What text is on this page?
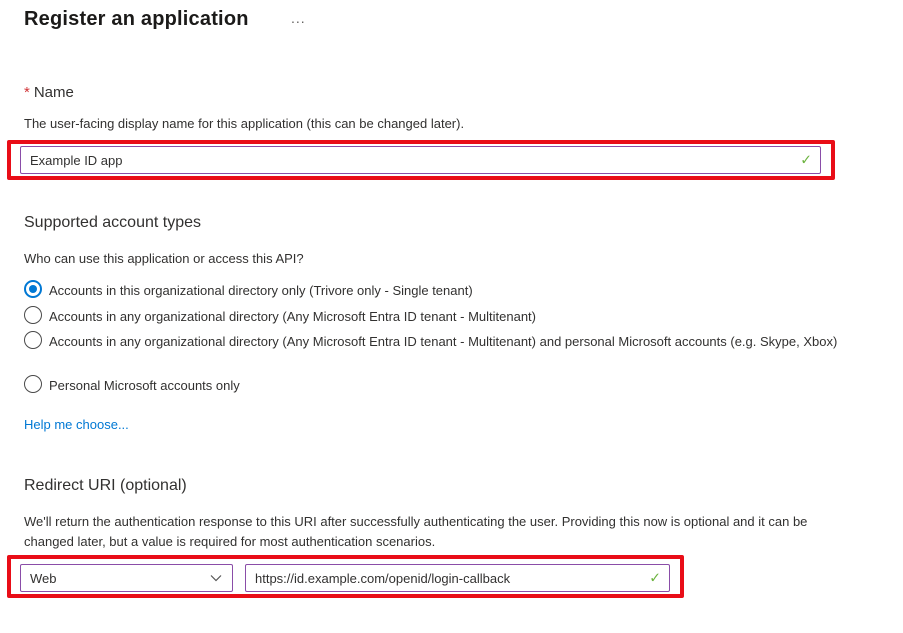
Register an application	...
* Name
The user-facing display name for this application (this can be changed later).
Example ID app
✓
Supported account types
Who can use this application or access this API?
Accounts in this organizational directory only (Trivore only - Single tenant)
Accounts in any organizational directory (Any Microsoft Entra ID tenant - Multitenant)
Accounts in any organizational directory (Any Microsoft Entra ID tenant - Multitenant) and personal Microsoft accounts (e.g. Skype, Xbox)
Personal Microsoft accounts only
Help me choose...
Redirect URI (optional)
We'll return the authentication response to this URI after successfully authenticating the user. Providing this now is optional and it can be changed later, but a value is required for most authentication scenarios.
Web
https://id.example.com/openid/login-callback	✓
